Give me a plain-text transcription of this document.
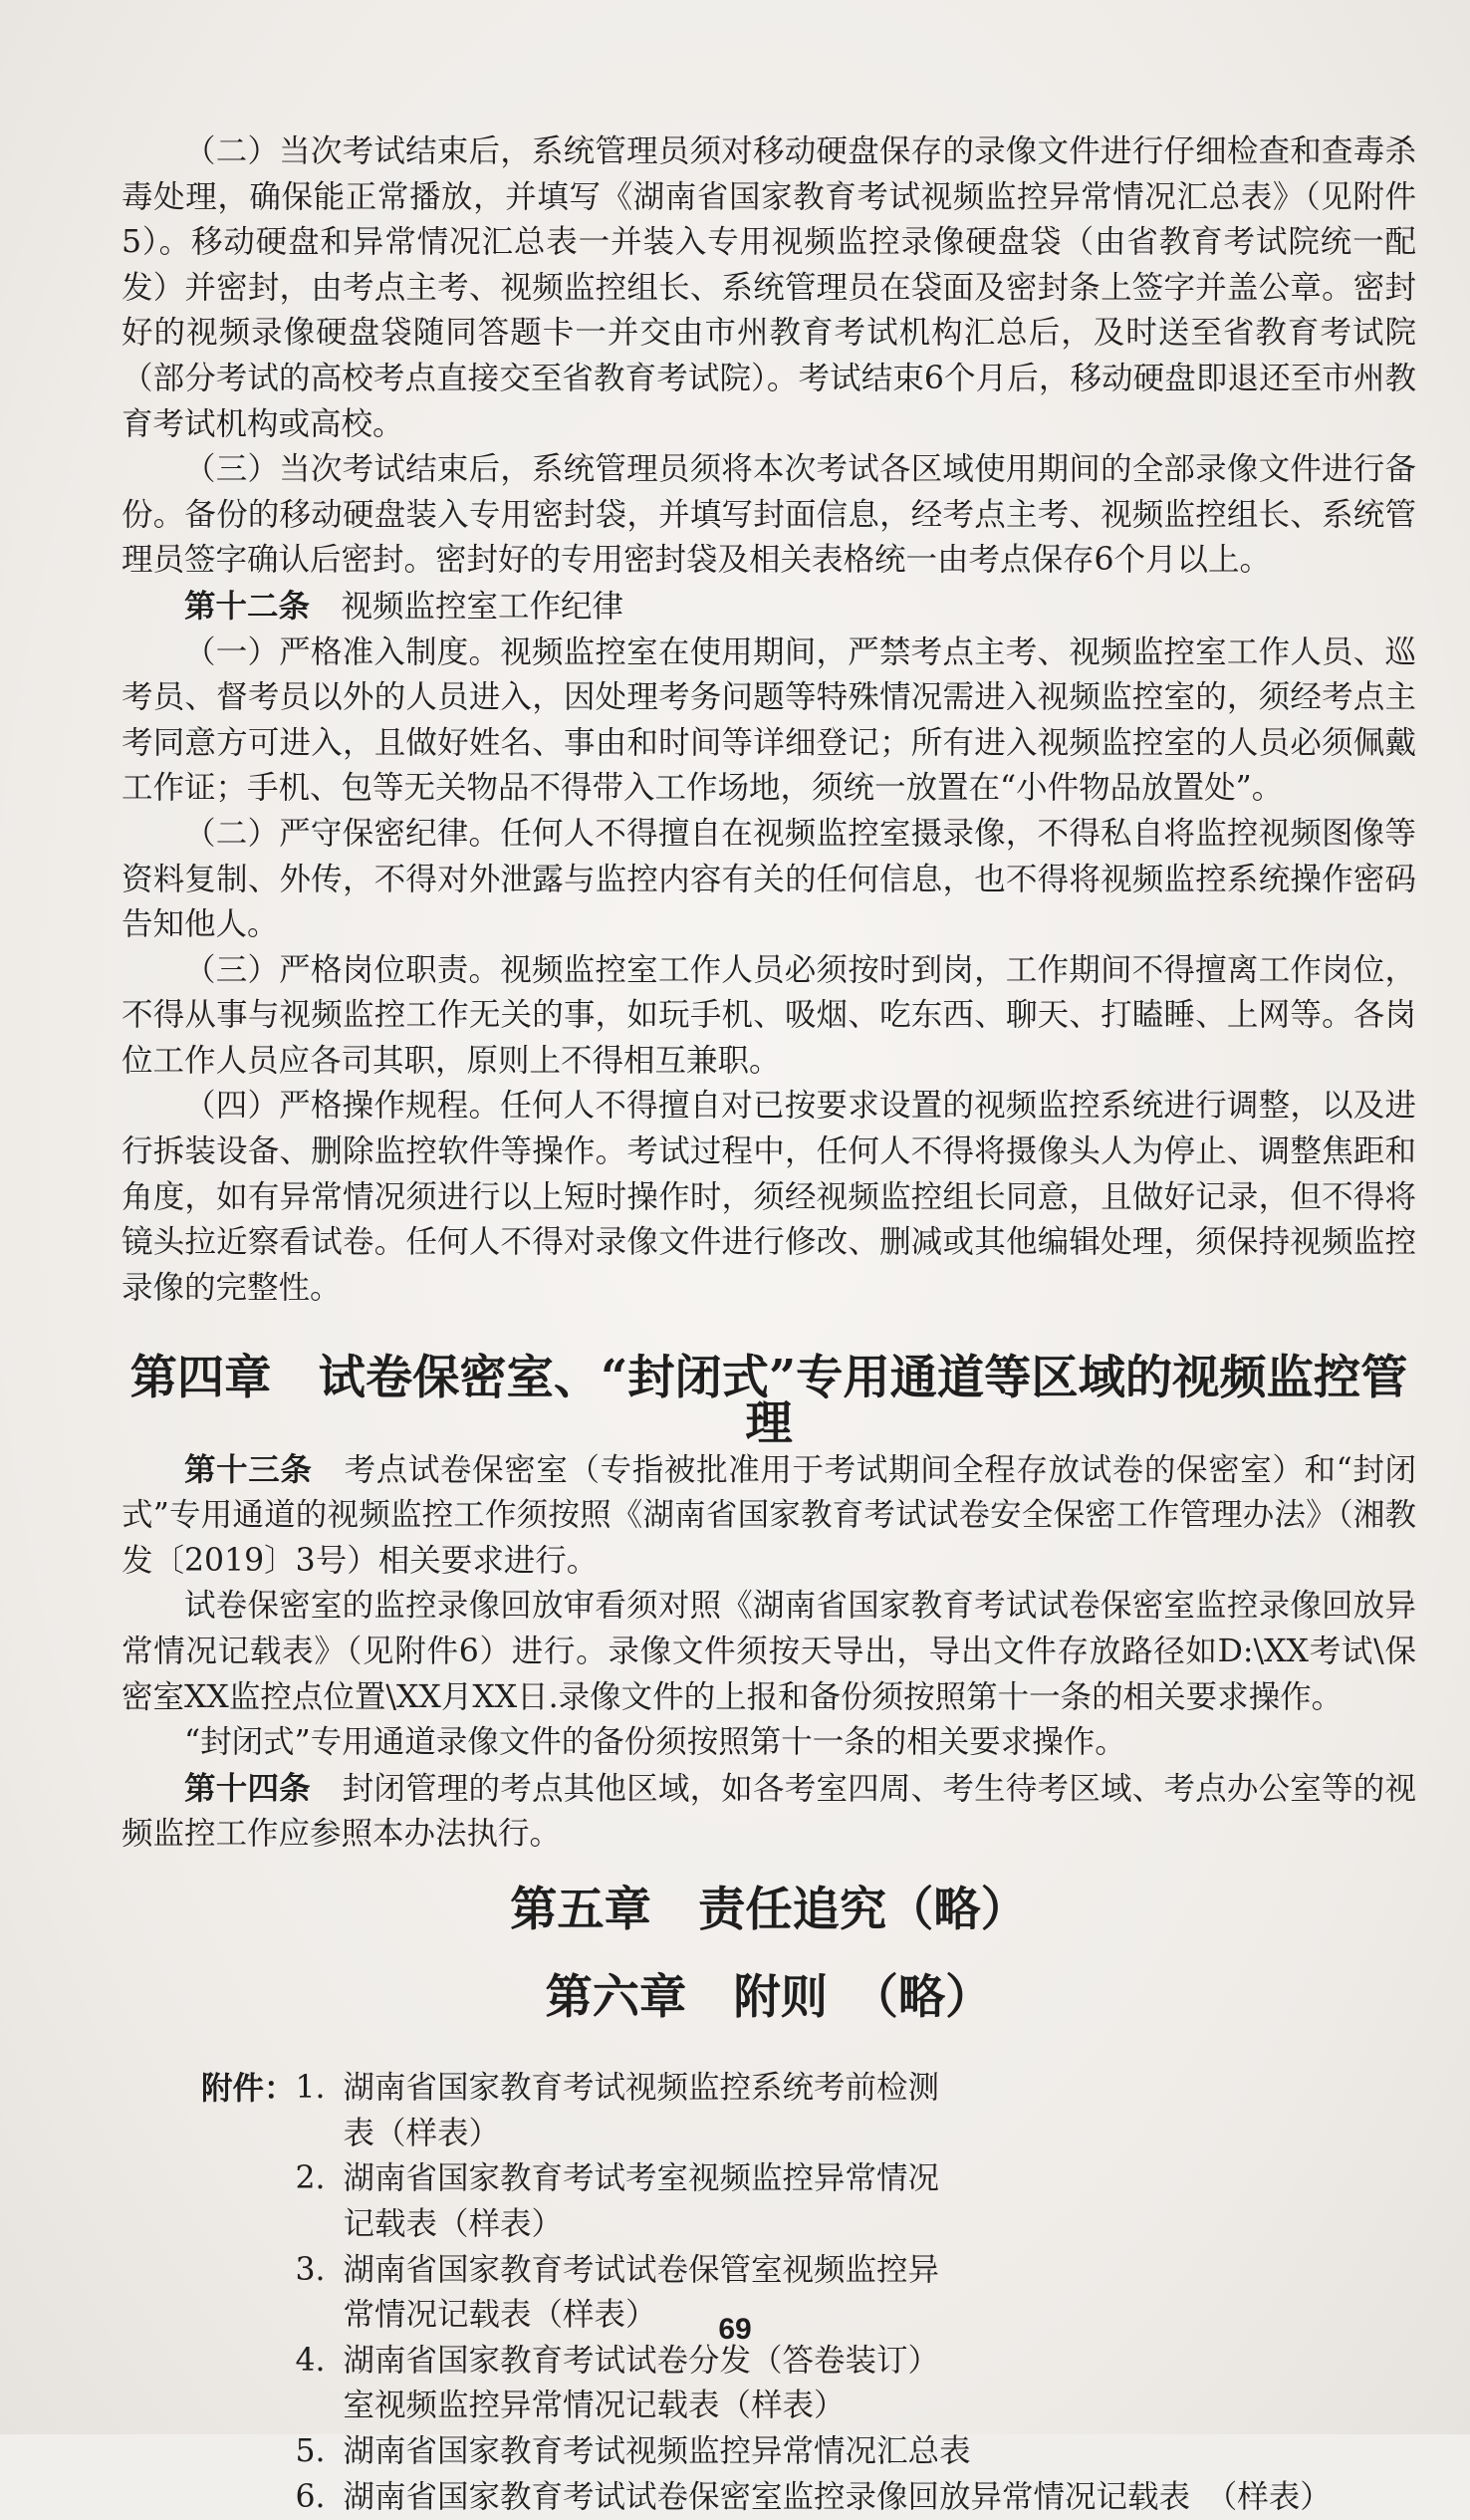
（二）当次考试结束后，系统管理员须对移动硬盘保存的录像文件进行仔细检查和查毒杀毒处理，确保能正常播放，并填写《湖南省国家教育考试视频监控异常情况汇总表》（见附件5）。移动硬盘和异常情况汇总表一并装入专用视频监控录像硬盘袋（由省教育考试院统一配发）并密封，由考点主考、视频监控组长、系统管理员在袋面及密封条上签字并盖公章。密封好的视频录像硬盘袋随同答题卡一并交由市州教育考试机构汇总后，及时送至省教育考试院（部分考试的高校考点直接交至省教育考试院）。考试结束6个月后，移动硬盘即退还至市州教育考试机构或高校。

（三）当次考试结束后，系统管理员须将本次考试各区域使用期间的全部录像文件进行备份。备份的移动硬盘装入专用密封袋，并填写封面信息，经考点主考、视频监控组长、系统管理员签字确认后密封。密封好的专用密封袋及相关表格统一由考点保存6个月以上。

第十二条　 视频监控室工作纪律

（一）严格准入制度。视频监控室在使用期间，严禁考点主考、视频监控室工作人员、巡考员、督考员以外的人员进入，因处理考务问题等特殊情况需进入视频监控室的，须经考点主考同意方可进入，且做好姓名、事由和时间等详细登记；所有进入视频监控室的人员必须佩戴工作证；手机、包等无关物品不得带入工作场地，须统一放置在“小件物品放置处”。

（二）严守保密纪律。任何人不得擅自在视频监控室摄录像，不得私自将监控视频图像等资料复制、外传，不得对外泄露与监控内容有关的任何信息，也不得将视频监控系统操作密码告知他人。

（三）严格岗位职责。视频监控室工作人员必须按时到岗，工作期间不得擅离工作岗位，不得从事与视频监控工作无关的事，如玩手机、吸烟、吃东西、聊天、打瞌睡、上网等。各岗位工作人员应各司其职，原则上不得相互兼职。

（四）严格操作规程。任何人不得擅自对已按要求设置的视频监控系统进行调整，以及进行拆装设备、删除监控软件等操作。考试过程中，任何人不得将摄像头人为停止、调整焦距和角度，如有异常情况须进行以上短时操作时，须经视频监控组长同意，且做好记录，但不得将镜头拉近察看试卷。任何人不得对录像文件进行修改、删减或其他编辑处理，须保持视频监控录像的完整性。

第四章　试卷保密室、“封闭式”专用通道等区域的视频监控管理

第十三条　 考点试卷保密室（专指被批准用于考试期间全程存放试卷的保密室）和“封闭式”专用通道的视频监控工作须按照《湖南省国家教育考试试卷安全保密工作管理办法》（湘教发〔2019〕3号）相关要求进行。

试卷保密室的监控录像回放审看须对照《湖南省国家教育考试试卷保密室监控录像回放异常情况记载表》（见附件6）进行。录像文件须按天导出，导出文件存放路径如D:\XX考试\保密室XX监控点位置\XX月XX日.录像文件的上报和备份须按照第十一条的相关要求操作。

“封闭式”专用通道录像文件的备份须按照第十一条的相关要求操作。

第十四条　 封闭管理的考点其他区域，如各考室四周、考生待考区域、考点办公室等的视频监控工作应参照本办法执行。

第五章　责任追究（略）
第六章　附则　（略）
附件： 1. 湖南省国家教育考试视频监控系统考前检测表（样表）
2. 湖南省国家教育考试考室视频监控异常情况记载表（样表）
3. 湖南省国家教育考试试卷保管室视频监控异常情况记载表（样表）
4. 湖南省国家教育考试试卷分发（答卷装订）室视频监控异常情况记载表（样表）
5. 湖南省国家教育考试视频监控异常情况汇总表
6. 湖南省国家教育考试试卷保密室监控录像回放异常情况记载表　（样表）
69
